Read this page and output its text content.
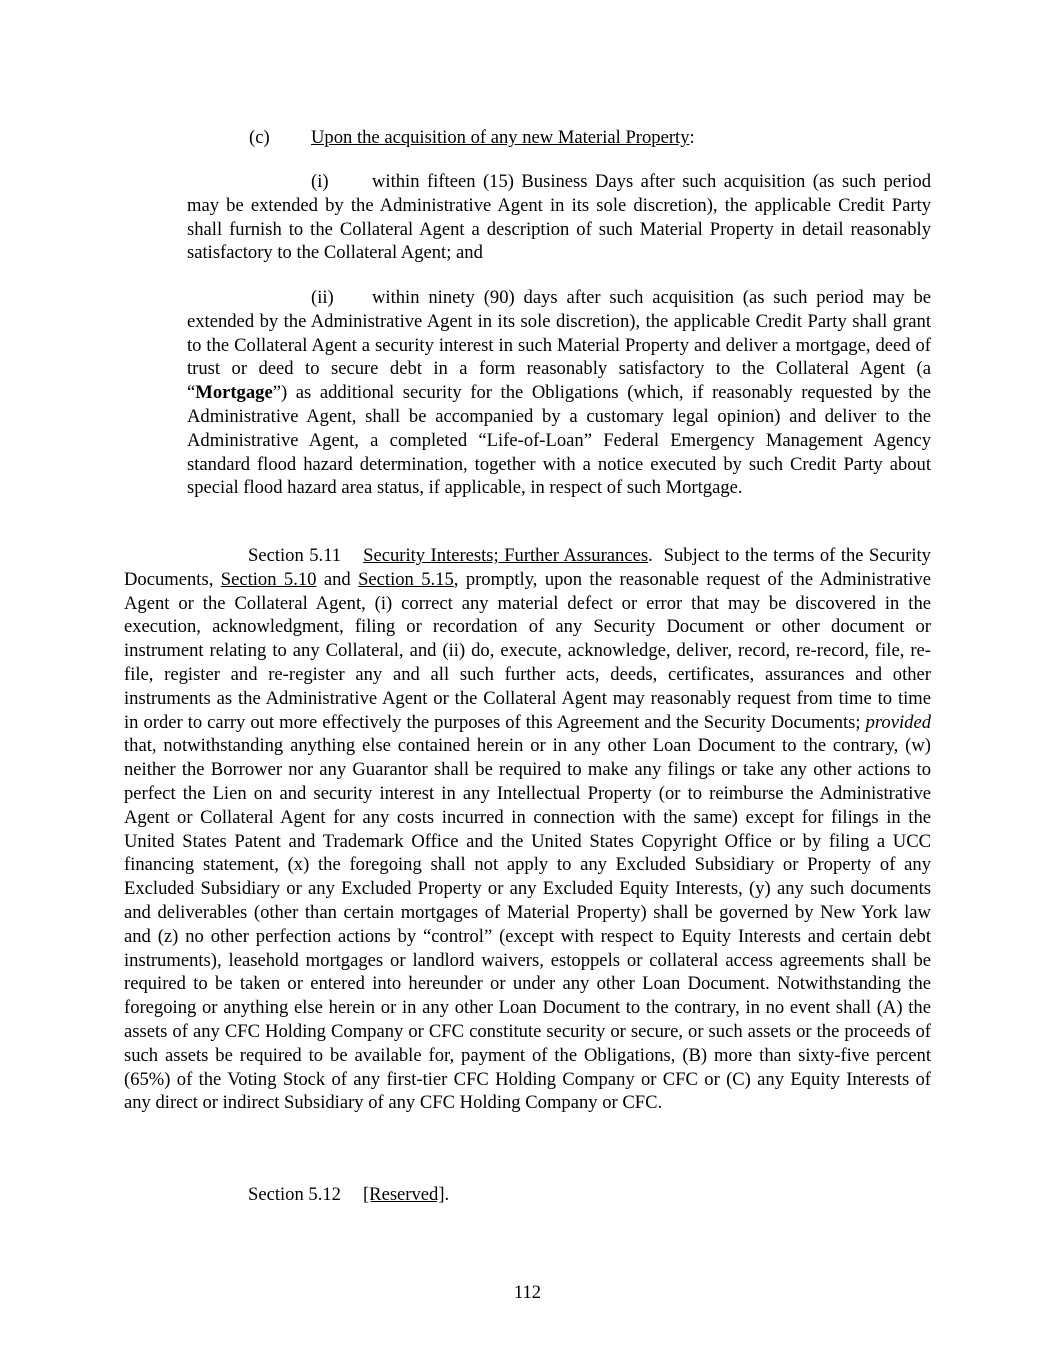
(c) Upon the acquisition of any new Material Property:

(i) within fifteen (15) Business Days after such acquisition (as such period may be extended by the Administrative Agent in its sole discretion), the applicable Credit Party shall furnish to the Collateral Agent a description of such Material Property in detail reasonably satisfactory to the Collateral Agent; and

(ii) within ninety (90) days after such acquisition (as such period may be extended by the Administrative Agent in its sole discretion), the applicable Credit Party shall grant to the Collateral Agent a security interest in such Material Property and deliver a mortgage, deed of trust or deed to secure debt in a form reasonably satisfactory to the Collateral Agent (a “Mortgage”) as additional security for the Obligations (which, if reasonably requested by the Administrative Agent, shall be accompanied by a customary legal opinion) and deliver to the Administrative Agent, a completed “Life-of-Loan” Federal Emergency Management Agency standard flood hazard determination, together with a notice executed by such Credit Party about special flood hazard area status, if applicable, in respect of such Mortgage.

Section 5.11 Security Interests; Further Assurances.  Subject to the terms of the Security Documents, Section 5.10 and Section 5.15, promptly, upon the reasonable request of the Administrative Agent or the Collateral Agent, (i) correct any material defect or error that may be discovered in the execution, acknowledgment, filing or recordation of any Security Document or other document or instrument relating to any Collateral, and (ii) do, execute, acknowledge, deliver, record, re-record, file, re-file, register and re-register any and all such further acts, deeds, certificates, assurances and other instruments as the Administrative Agent or the Collateral Agent may reasonably request from time to time in order to carry out more effectively the purposes of this Agreement and the Security Documents; provided that, notwithstanding anything else contained herein or in any other Loan Document to the contrary, (w) neither the Borrower nor any Guarantor shall be required to make any filings or take any other actions to perfect the Lien on and security interest in any Intellectual Property (or to reimburse the Administrative Agent or Collateral Agent for any costs incurred in connection with the same) except for filings in the United States Patent and Trademark Office and the United States Copyright Office or by filing a UCC financing statement, (x) the foregoing shall not apply to any Excluded Subsidiary or Property of any Excluded Subsidiary or any Excluded Property or any Excluded Equity Interests, (y) any such documents and deliverables (other than certain mortgages of Material Property) shall be governed by New York law and (z) no other perfection actions by “control” (except with respect to Equity Interests and certain debt instruments), leasehold mortgages or landlord waivers, estoppels or collateral access agreements shall be required to be taken or entered into hereunder or under any other Loan Document. Notwithstanding the foregoing or anything else herein or in any other Loan Document to the contrary, in no event shall (A) the assets of any CFC Holding Company or CFC constitute security or secure, or such assets or the proceeds of such assets be required to be available for, payment of the Obligations, (B) more than sixty-five percent (65%) of the Voting Stock of any first-tier CFC Holding Company or CFC or (C) any Equity Interests of any direct or indirect Subsidiary of any CFC Holding Company or CFC.

Section 5.12 [Reserved].
112
